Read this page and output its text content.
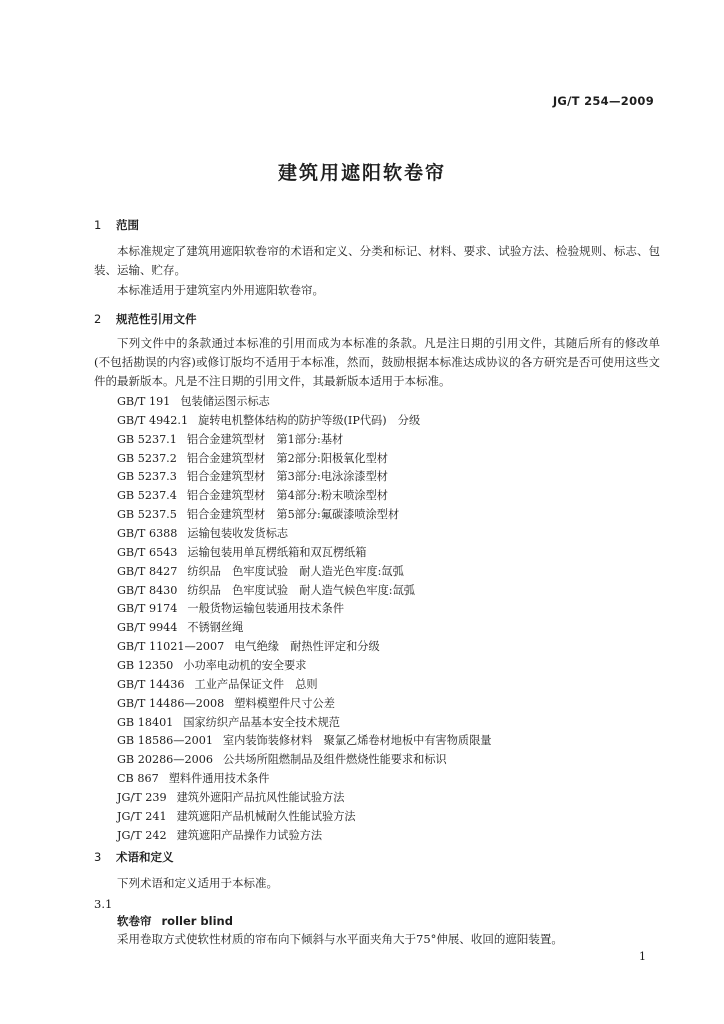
JG/T 254—2009
建筑用遮阳软卷帘
1 范围

本标准规定了建筑用遮阳软卷帘的术语和定义、分类和标记、材料、要求、试验方法、检验规则、标志、包装、运输、贮存。

本标准适用于建筑室内外用遮阳软卷帘。

2 规范性引用文件

下列文件中的条款通过本标准的引用而成为本标准的条款。凡是注日期的引用文件，其随后所有的修改单(不包括勘误的内容)或修订版均不适用于本标准，然而，鼓励根据本标准达成协议的各方研究是否可使用这些文件的最新版本。凡是不注日期的引用文件，其最新版本适用于本标准。

GB/T 191 包装储运图示标志
GB/T 4942.1 旋转电机整体结构的防护等级(IP代码)　分级
GB 5237.1 铝合金建筑型材　第1部分:基材
GB 5237.2 铝合金建筑型材　第2部分:阳极氧化型材
GB 5237.3 铝合金建筑型材　第3部分:电泳涂漆型材
GB 5237.4 铝合金建筑型材　第4部分:粉末喷涂型材
GB 5237.5 铝合金建筑型材　第5部分:氟碳漆喷涂型材
GB/T 6388 运输包装收发货标志
GB/T 6543 运输包装用单瓦楞纸箱和双瓦楞纸箱
GB/T 8427 纺织品　色牢度试验　耐人造光色牢度:氙弧
GB/T 8430 纺织品　色牢度试验　耐人造气候色牢度:氙弧
GB/T 9174 一般货物运输包装通用技术条件
GB/T 9944 不锈钢丝绳
GB/T 11021—2007 电气绝缘　耐热性评定和分级
GB 12350 小功率电动机的安全要求
GB/T 14436 工业产品保证文件　总则
GB/T 14486—2008 塑料模塑件尺寸公差
GB 18401 国家纺织产品基本安全技术规范
GB 18586—2001 室内装饰装修材料　聚氯乙烯卷材地板中有害物质限量
GB 20286—2006 公共场所阻燃制品及组件燃烧性能要求和标识
CB 867 塑料件通用技术条件
JG/T 239 建筑外遮阳产品抗风性能试验方法
JG/T 241 建筑遮阳产品机械耐久性能试验方法
JG/T 242 建筑遮阳产品操作力试验方法
3 术语和定义

下列术语和定义适用于本标准。

3.1
软卷帘 roller blind
采用卷取方式使软性材质的帘布向下倾斜与水平面夹角大于75°伸展、收回的遮阳装置。
1
